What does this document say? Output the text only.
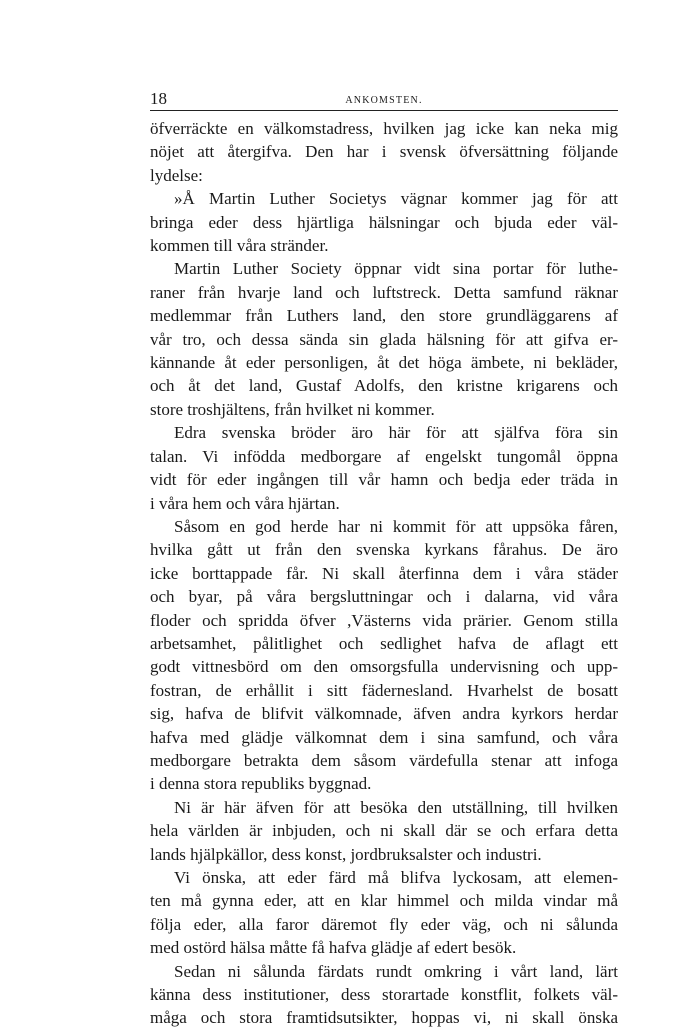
18	ANKOMSTEN.
öfverräckte en välkomstadress, hvilken jag icke kan neka mig
nöjet att återgifva. Den har i svensk öfversättning följande
lydelse:
»Å Martin Luther Societys vägnar kommer jag för att
bringa eder dess hjärtliga hälsningar och bjuda eder väl-
kommen till våra stränder.
Martin Luther Society öppnar vidt sina portar för luthe-
raner från hvarje land och luftstreck. Detta samfund räknar
medlemmar från Luthers land, den store grundläggarens af
vår tro, och dessa sända sin glada hälsning för att gifva er-
kännande åt eder personligen, åt det höga ämbete, ni bekläder,
och åt det land, Gustaf Adolfs, den kristne krigarens och
store troshjältens, från hvilket ni kommer.
Edra svenska bröder äro här för att själfva föra sin
talan. Vi infödda medborgare af engelskt tungomål öppna
vidt för eder ingången till vår hamn och bedja eder träda in
i våra hem och våra hjärtan.
Såsom en god herde har ni kommit för att uppsöka fåren,
hvilka gått ut från den svenska kyrkans fårahus. De äro
icke borttappade får. Ni skall återfinna dem i våra städer
och byar, på våra bergsluttningar och i dalarna, vid våra
floder och spridda öfver ,Västerns vida prärier. Genom stilla
arbetsamhet, pålitlighet och sedlighet hafva de aflagt ett
godt vittnesbörd om den omsorgsfulla undervisning och upp-
fostran, de erhållit i sitt fädernesland. Hvarhelst de bosatt
sig, hafva de blifvit välkomnade, äfven andra kyrkors herdar
hafva med glädje välkomnat dem i sina samfund, och våra
medborgare betrakta dem såsom värdefulla stenar att infoga
i denna stora republiks byggnad.
Ni är här äfven för att besöka den utställning, till hvilken
hela världen är inbjuden, och ni skall där se och erfara detta
lands hjälpkällor, dess konst, jordbruksalster och industri.
Vi önska, att eder färd må blifva lyckosam, att elemen-
ten må gynna eder, att en klar himmel och milda vindar må
följa eder, alla faror däremot fly eder väg, och ni sålunda
med ostörd hälsa måtte få hafva glädje af edert besök.
Sedan ni sålunda färdats rundt omkring i vårt land, lärt
känna dess institutioner, dess storartade konstflit, folkets väl-
måga och stora framtidsutsikter, hoppas vi, ni skall önska
